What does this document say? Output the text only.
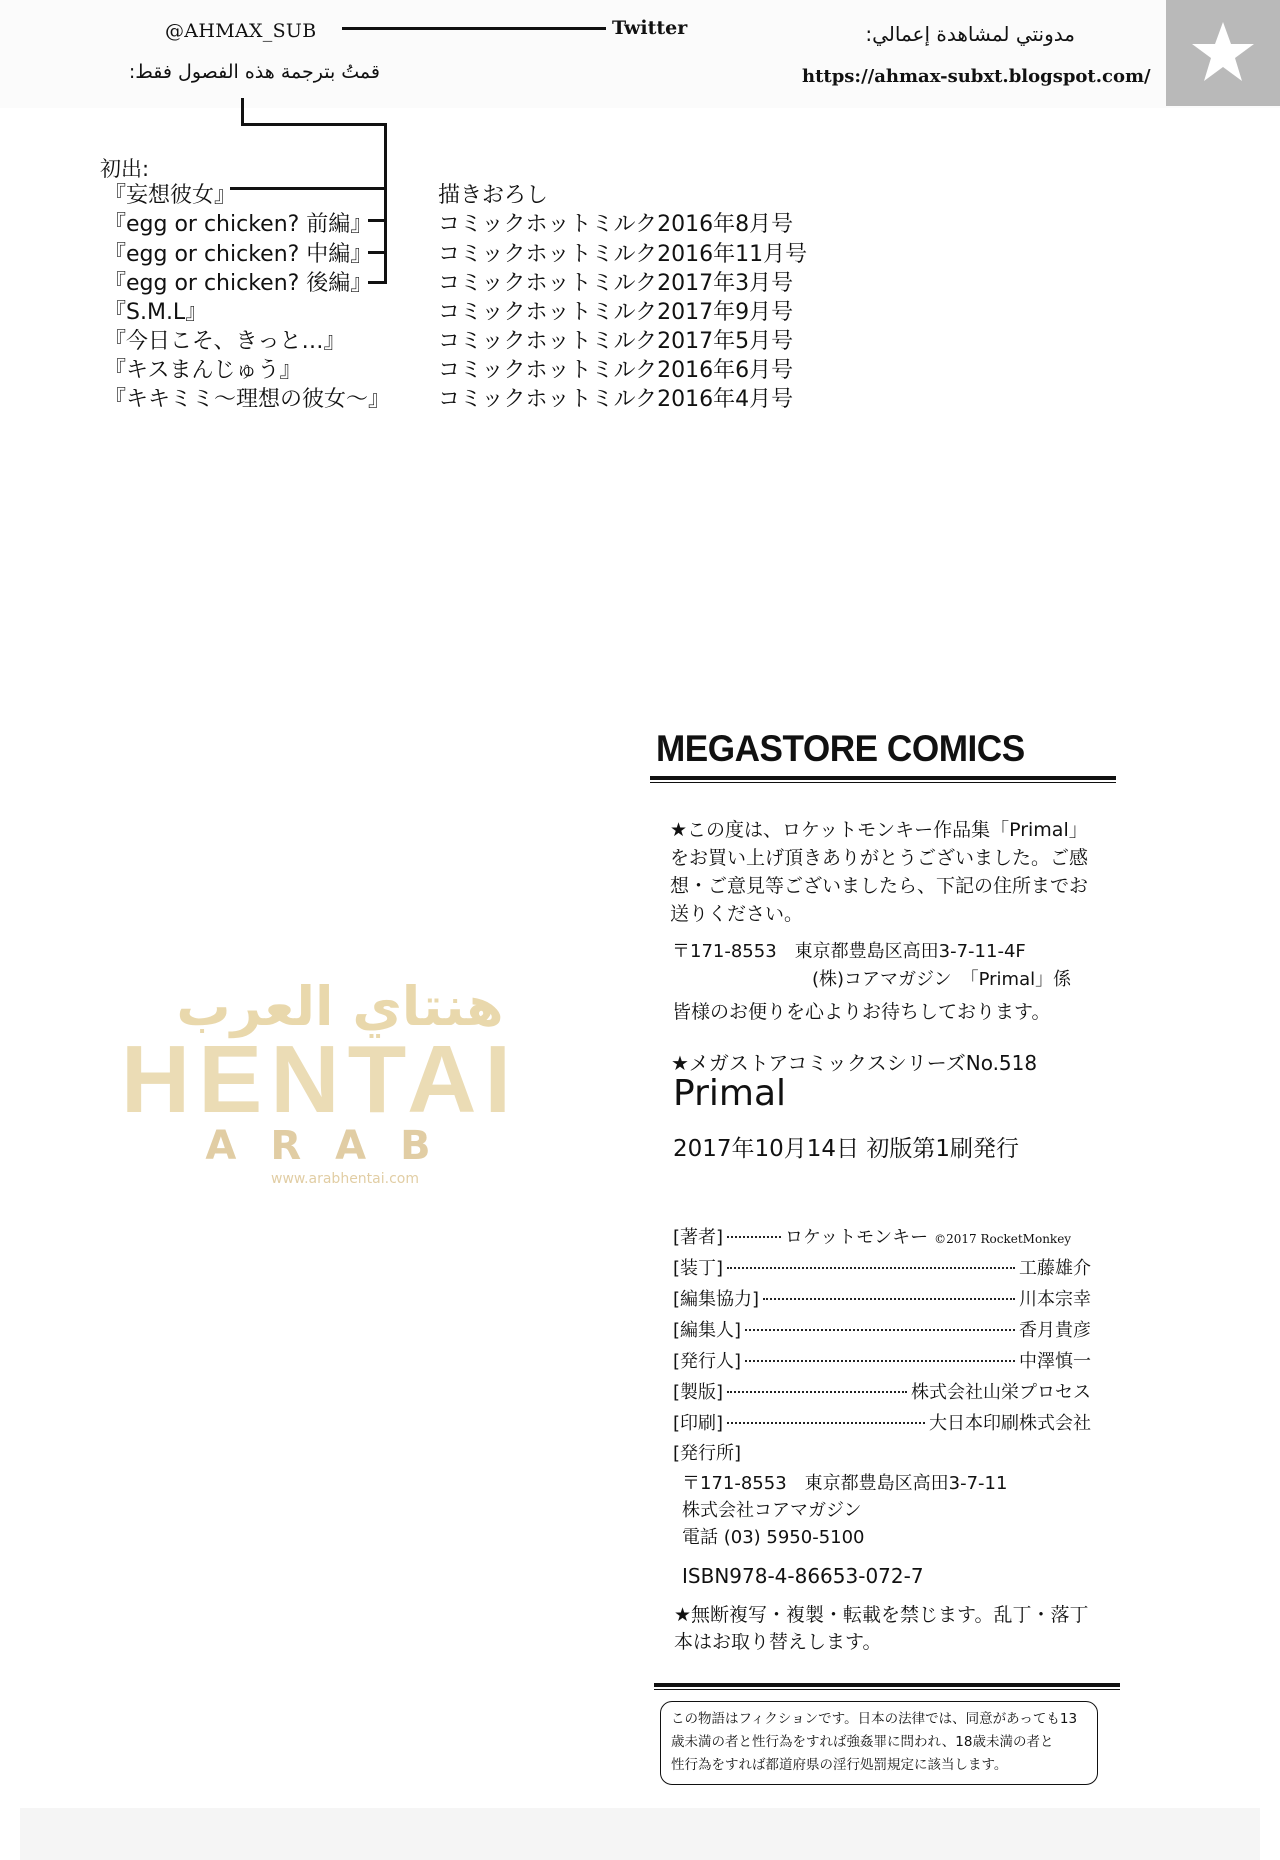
@AHMAX_SUB	Twitter	مدونتي لمشاهدة إعمالي:
https://ahmax-subxt.blogspot.com/
قمتُ بترجمة هذه الفصول فقط:
初出:
『妄想彼女』	描きおろし
『egg or chicken? 前編』	コミックホットミルク2016年8月号
『egg or chicken? 中編』	コミックホットミルク2016年11月号
『egg or chicken? 後編』	コミックホットミルク2017年3月号
『S.M.L』	コミックホットミルク2017年9月号
『今日こそ、きっと…』	コミックホットミルク2017年5月号
『キスまんじゅう』	コミックホットミルク2016年6月号
『キキミミ～理想の彼女～』 コミックホットミルク2016年4月号
هنتاي العرب
HENTAI
ARAB
www.arabhentai.com
MEGASTORE COMICS
★この度は、ロケットモンキー作品集「Primal」
をお買い上げ頂きありがとうございました。ご感
想・ご意見等ございましたら、下記の住所までお
送りください。
〒171-8553　東京都豊島区高田3-7-11-4F
(株)コアマガジン　「Primal」係
皆様のお便りを心よりお待ちしております。
★メガストアコミックスシリーズNo.518
Primal
2017年10月14日 初版第1刷発行
[著者]	ロケットモンキー ©2017 RocketMonkey
[装丁]	工藤雄介
[編集協力]	川本宗幸
[編集人]	香月貴彦
[発行人]	中澤慎一
[製版]	株式会社山栄プロセス
[印刷]	大日本印刷株式会社
[発行所]
〒171-8553　東京都豊島区高田3-7-11
株式会社コアマガジン
電話 (03) 5950-5100
ISBN978-4-86653-072-7
★無断複写・複製・転載を禁じます。乱丁・落丁
本はお取り替えします。
この物語はフィクションです。日本の法律では、同意があっても13
歳未満の者と性行為をすれば強姦罪に問われ、18歳未満の者と
性行為をすれば都道府県の淫行処罰規定に該当します。
